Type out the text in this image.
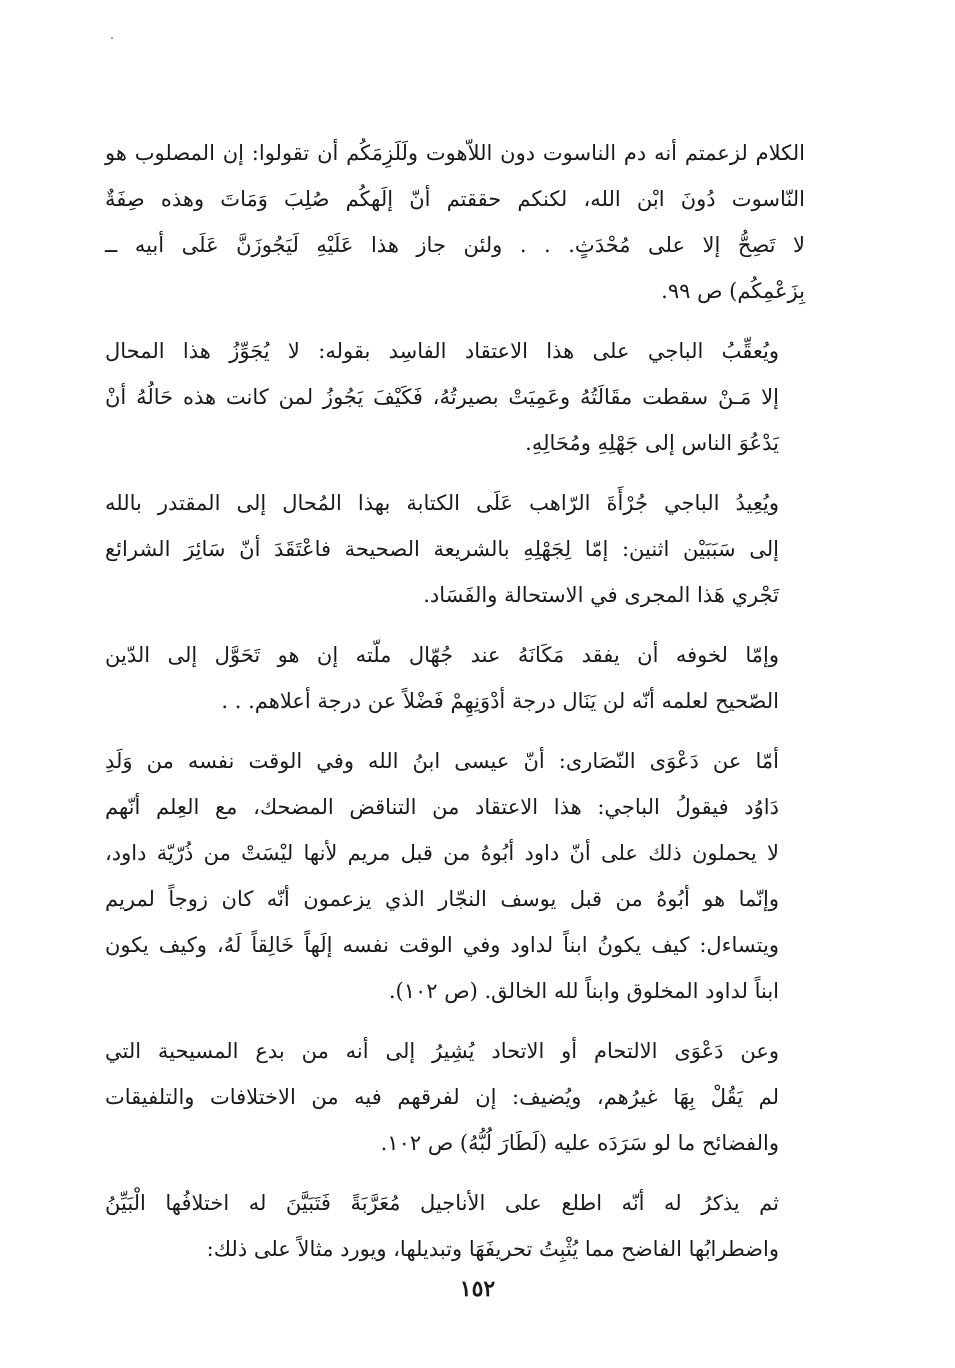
الكلام لزعمتم أنه دم الناسوت دون اللاّهوت ولَلَزِمَكُم أن تقولوا: إن المصلوب هو
النّاسوت دُونَ ابْن الله، لكنكم حققتم أنّ إلَهكُم صُلِبَ وَمَاتَ وهذه صِفَةٌ
لا تَصِحُّ إلا على مُحْدَثٍ. . . ولئن جاز هذا عَلَيْهِ لَيَجُوزَنَّ عَلَى أبيه ــ
بِزَعْمِكُم) ص ٩٩.
ويُعقِّبُ الباجي على هذا الاعتقاد الفاسِد بقوله: لا يُجَوِّزُ هذا المحال
إلا مَـنْ سقطت مقَالَتُهُ وعَمِيَتْ بصيرتُهُ، فَكَيْفَ يَجُوزُ لمن كانت هذه حَالُهُ أنْ
يَدْعُوَ الناس إلى جَهْلِهِ ومُحَالِهِ.
ويُعِيدُ الباجي جُرْأَةَ الرّاهب عَلَى الكتابة بهذا المُحال إلى المقتدر بالله
إلى سَبَبَيْن اثنين: إمّا لِجَهْلِهِ بالشريعة الصحيحة فاعْتَقَدَ أنّ سَائِرَ الشرائع
تَجْري هَذا المجرى في الاستحالة والفَسَاد.
وإمّا لخوفه أن يفقد مَكَانَهُ عند جُهّال ملّته إن هو تَحَوَّل إلى الدّين
الصّحيح لعلمه أنّه لن يَنَال درجة أدْوَنِهِمْ فَضْلاً عن درجة أعلاهم. . .
أمّا عن دَعْوَى النّصَارى: أنّ عيسى ابنُ الله وفي الوقت نفسه من وَلَدِ
دَاوُد فيقولُ الباجي: هذا الاعتقاد من التناقض المضحك، مع العِلم أنّهم
لا يحملون ذلك على أنّ داود أبُوهُ من قبل مريم لأنها ليْسَتْ من ذُرّيّة داود،
وإنّما هو أبُوهُ من قبل يوسف النجّار الذي يزعمون أنّه كان زوجاً لمريم
ويتساءل: كيف يكونُ ابناً لداود وفي الوقت نفسه إلَهاً خَالِقاً لَهُ، وكيف يكون
ابناً لداود المخلوق وابناً لله الخالق. (ص ١٠٢).
وعن دَعْوَى الالتحام أو الاتحاد يُشِيرُ إلى أنه من بدع المسيحية التي
لم يَقُلْ بِهَا غيرُهم، ويُضيف: إن لفرقهم فيه من الاختلافات والتلفيقات
والفضائح ما لو سَرَدَه عليه (لَطَارَ لُبُّهُ) ص ١٠٢.
ثم يذكرُ له أنّه اطلع على الأناجيل مُعَرَّبَةً فَتَبَيَّنَ له اختلافُها الْبَيِّنُ
واضطرابُها الفاضح مما يُثْبِتُ تحريفَهَا وتبديلها، ويورد مثالاً على ذلك:
١٥٢
